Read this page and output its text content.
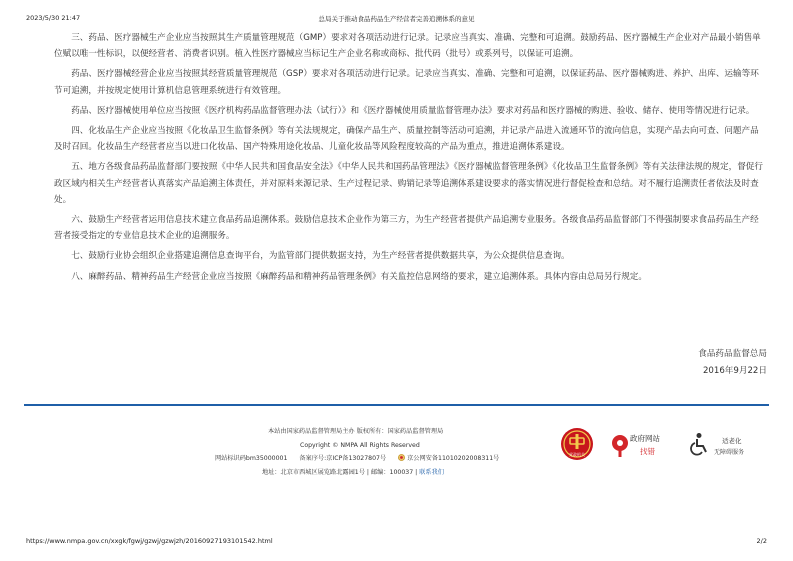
2023/5/30 21:47	总局关于推动食品药品生产经营者完善追溯体系的意见

三、药品、医疗器械生产企业应当按照其生产质量管理规范（GMP）要求对各项活动进行记录。记录应当真实、准确、完整和可追溯。鼓励药品、医疗器械生产企业对产品最小销售单位赋以唯一性标识，以便经营者、消费者识别。植入性医疗器械应当标记生产企业名称或商标、批代码（批号）或系列号，以保证可追溯。

药品、医疗器械经营企业应当按照其经营质量管理规范（GSP）要求对各项活动进行记录。记录应当真实、准确、完整和可追溯，以保证药品、医疗器械购进、养护、出库、运输等环节可追溯，并按规定使用计算机信息管理系统进行有效管理。

药品、医疗器械使用单位应当按照《医疗机构药品监督管理办法（试行）》和《医疗器械使用质量监督管理办法》要求对药品和医疗器械的购进、验收、储存、使用等情况进行记录。

四、化妆品生产企业应当按照《化妆品卫生监督条例》等有关法规规定，确保产品生产、质量控制等活动可追溯，并记录产品进入流通环节的流向信息，实现产品去向可查、问题产品及时召回。化妆品生产经营者应当以进口化妆品、国产特殊用途化妆品、儿童化妆品等风险程度较高的产品为重点，推进追溯体系建设。

五、地方各级食品药品监督部门要按照《中华人民共和国食品安全法》《中华人民共和国药品管理法》《医疗器械监督管理条例》《化妆品卫生监督条例》等有关法律法规的规定，督促行政区域内相关生产经营者认真落实产品追溯主体责任，并对原料来源记录、生产过程记录、购销记录等追溯体系建设要求的落实情况进行督促检查和总结。对不履行追溯责任者依法及时查处。

六、鼓励生产经营者运用信息技术建立食品药品追溯体系。鼓励信息技术企业作为第三方，为生产经营者提供产品追溯专业服务。各级食品药品监督部门不得强制要求食品药品生产经营者接受指定的专业信息技术企业的追溯服务。

七、鼓励行业协会组织企业搭建追溯信息查询平台，为监管部门提供数据支持，为生产经营者提供数据共享，为公众提供信息查询。

八、麻醉药品、精神药品生产经营企业应当按照《麻醉药品和精神药品管理条例》有关监控信息网络的要求，建立追溯体系。具体内容由总局另行规定。

食品药品监督总局
2016年9月22日
本站由国家药品监督管理局主办 版权所有：国家药品监督管理局
Copyright © NMPA All Rights Reserved
网站标识码bm35000001 备案序号:京ICP备13027807号	京公网安备11010202008311号
地址：北京市西城区展览路北露园1号 | 邮编：100037 | 联系我们
党政机关
政府网站
找错
适老化
无障碍服务
https://www.nmpa.gov.cn/xxgk/fgwj/gzwj/gzwjzh/20160927193101542.html	2/2
